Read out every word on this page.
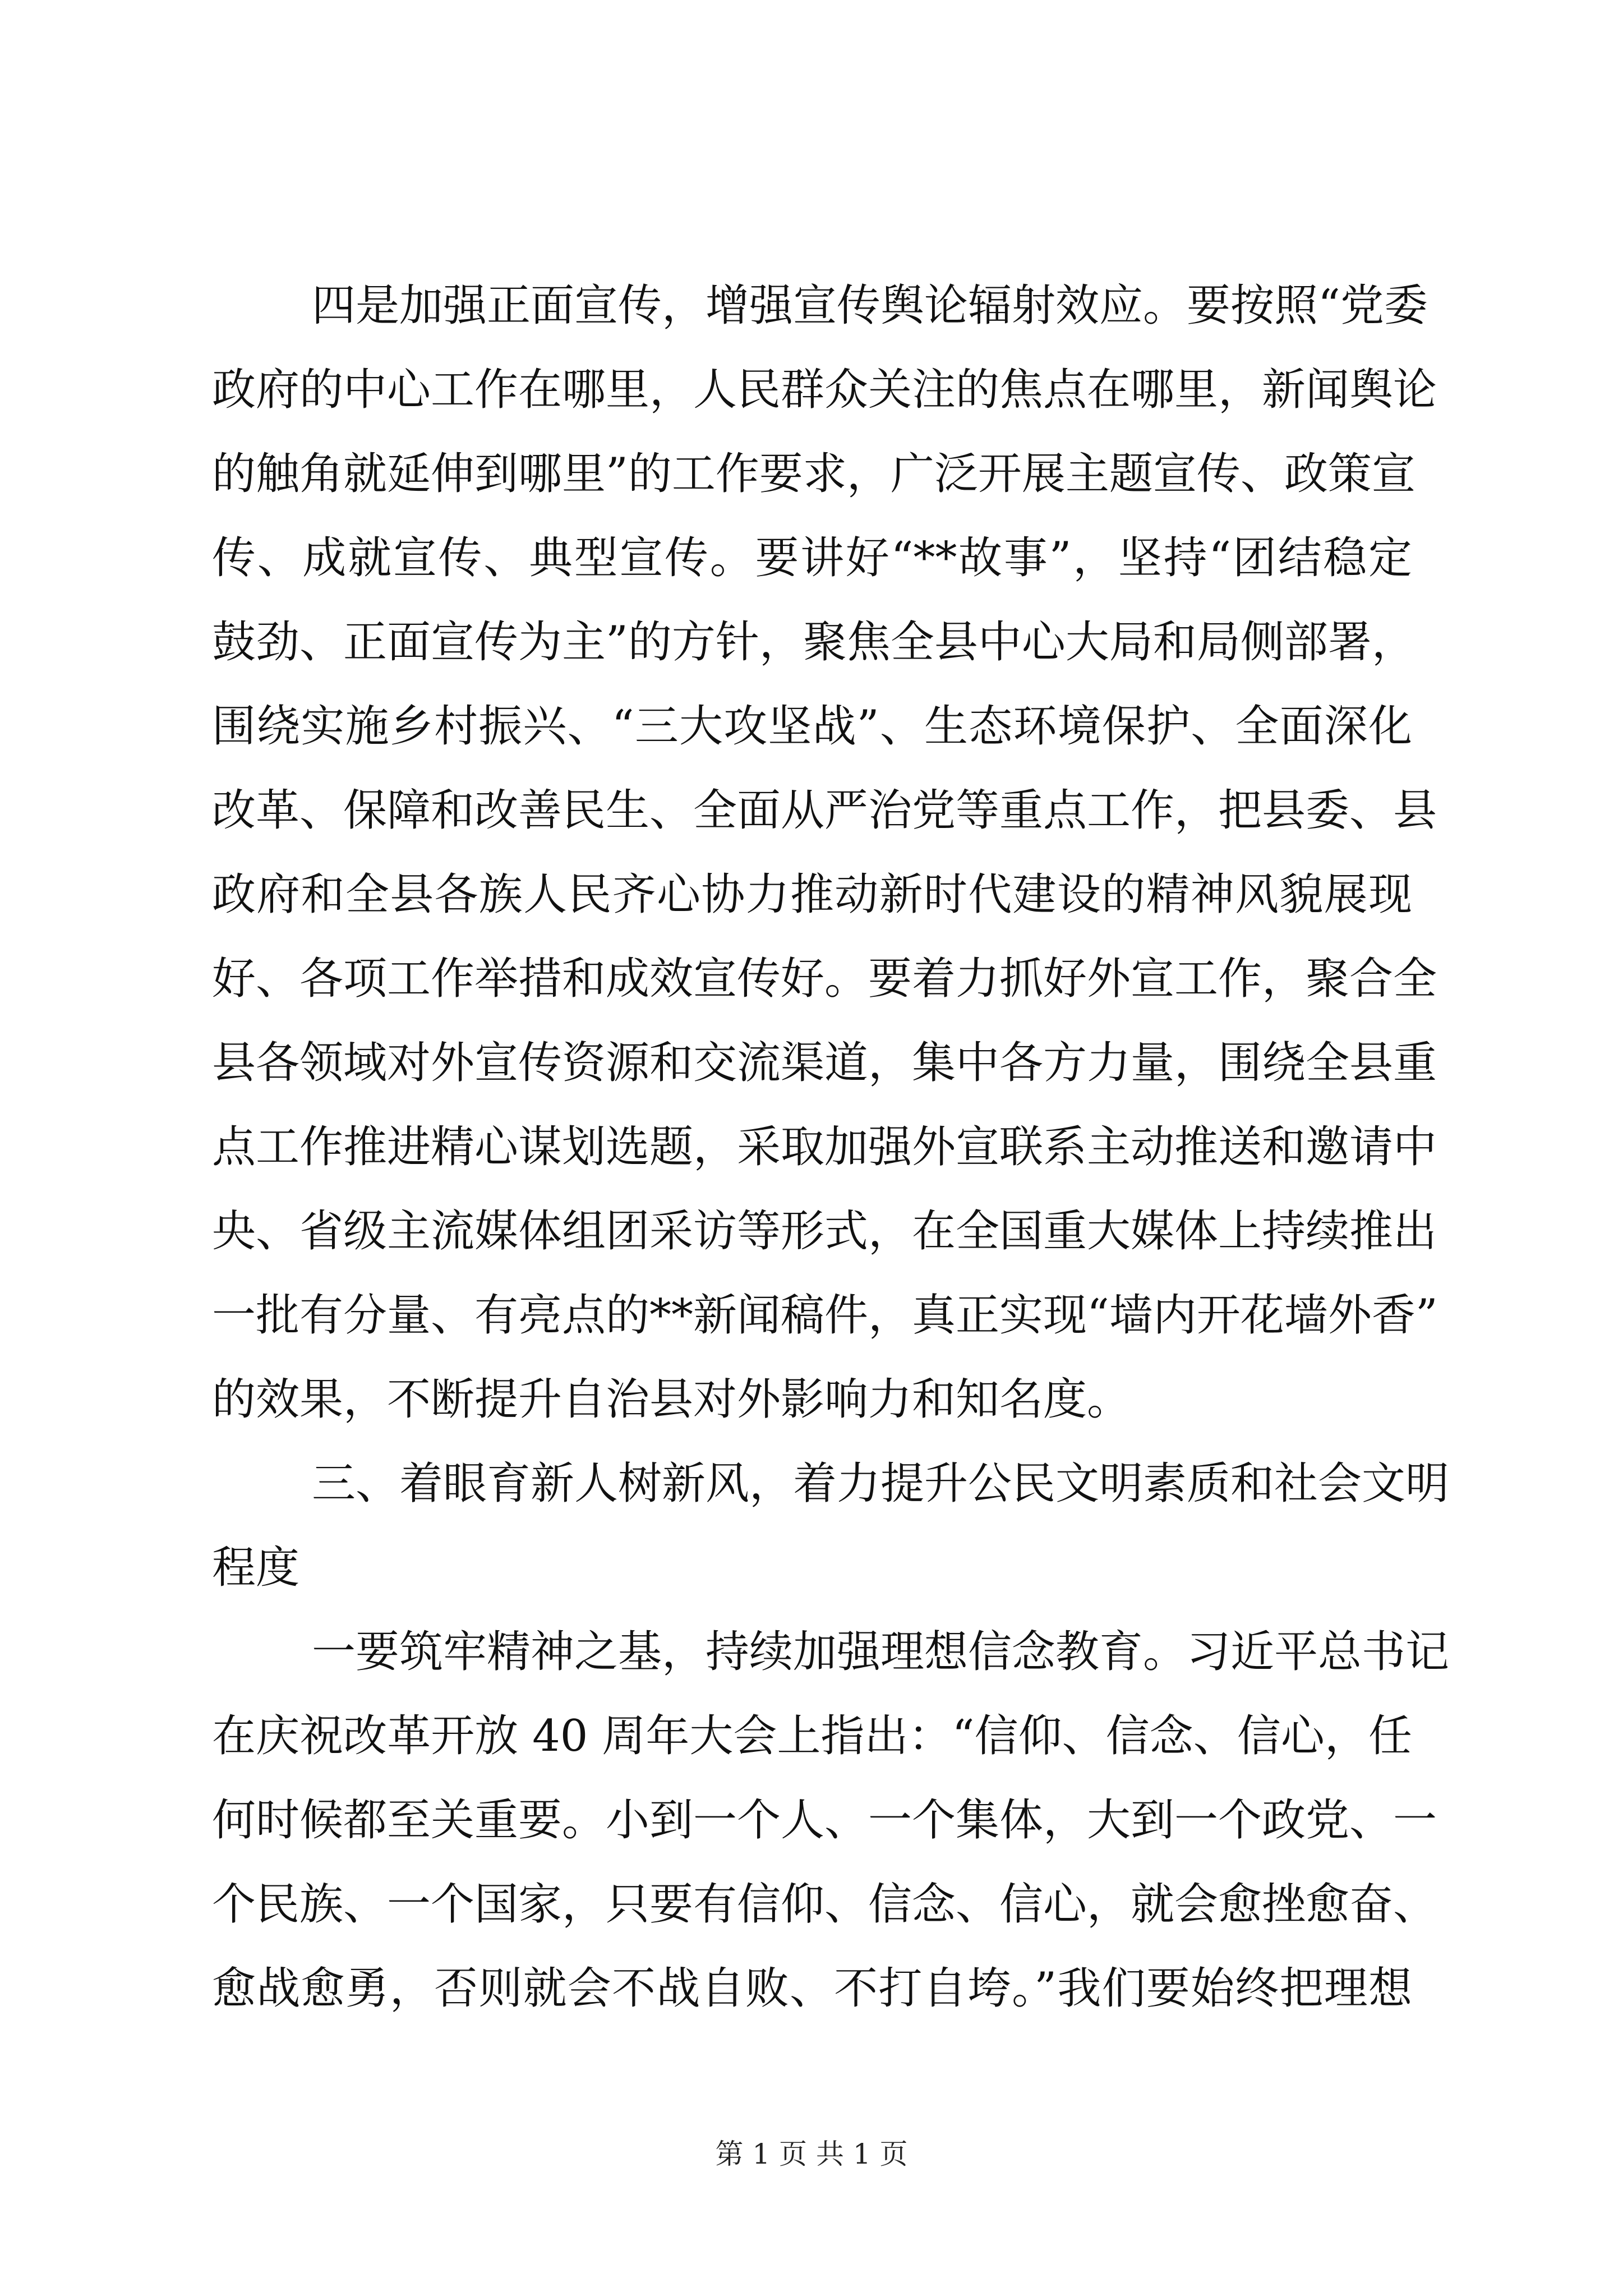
四是加强正面宣传，增强宣传舆论辐射效应。要按照“党委
政府的中心工作在哪里，人民群众关注的焦点在哪里，新闻舆论
的触角就延伸到哪里”的工作要求，广泛开展主题宣传、政策宣
传、成就宣传、典型宣传。要讲好“**故事”，坚持“团结稳定
鼓劲、正面宣传为主”的方针，聚焦全县中心大局和局侧部署，
围绕实施乡村振兴、“三大攻坚战”、生态环境保护、全面深化
改革、保障和改善民生、全面从严治党等重点工作，把县委、县
政府和全县各族人民齐心协力推动新时代建设的精神风貌展现
好、各项工作举措和成效宣传好。要着力抓好外宣工作，聚合全
县各领域对外宣传资源和交流渠道，集中各方力量，围绕全县重
点工作推进精心谋划选题，采取加强外宣联系主动推送和邀请中
央、省级主流媒体组团采访等形式，在全国重大媒体上持续推出
一批有分量、有亮点的**新闻稿件，真正实现“墙内开花墙外香”
的效果，不断提升自治县对外影响力和知名度。
三、着眼育新人树新风，着力提升公民文明素质和社会文明
程度
一要筑牢精神之基，持续加强理想信念教育。习近平总书记
在庆祝改革开放 40 周年大会上指出：“信仰、信念、信心，任
何时候都至关重要。小到一个人、一个集体，大到一个政党、一
个民族、一个国家，只要有信仰、信念、信心，就会愈挫愈奋、
愈战愈勇，否则就会不战自败、不打自垮。”我们要始终把理想
第 1 页 共 1 页
